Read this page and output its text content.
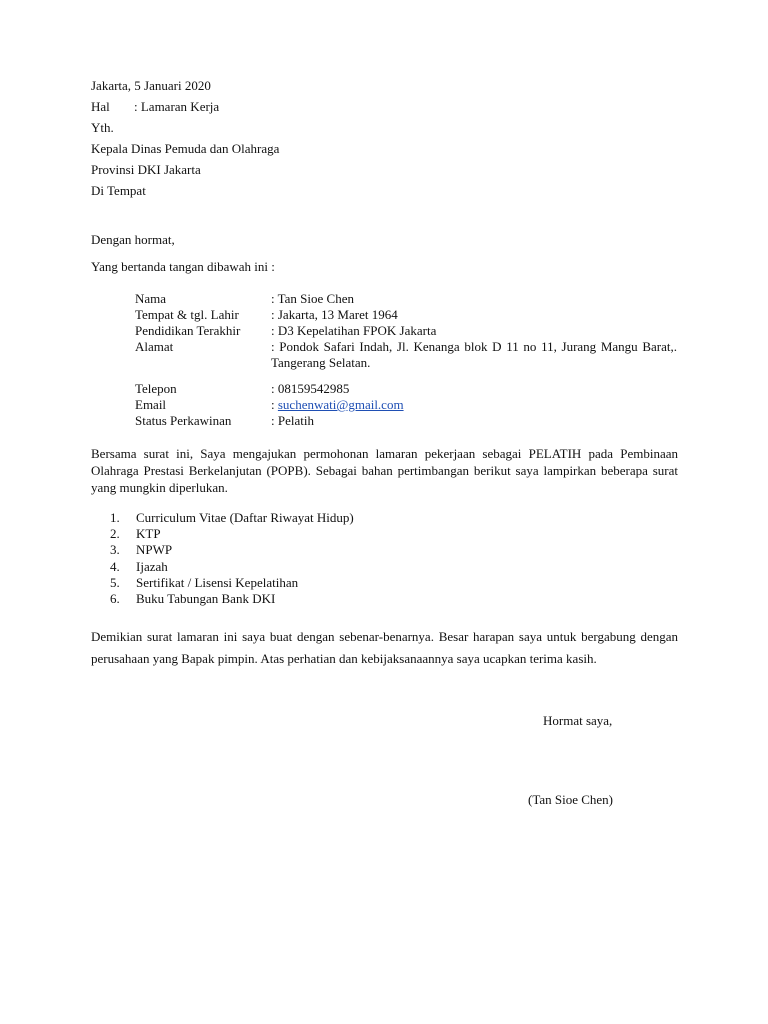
Jakarta, 5 Januari 2020
Hal : Lamaran Kerja
Yth.
Kepala Dinas Pemuda dan Olahraga
Provinsi DKI Jakarta
Di Tempat
Dengan hormat,
Yang bertanda tangan dibawah ini :
Nama	: Tan Sioe Chen
Tempat & tgl. Lahir : Jakarta, 13 Maret 1964
Pendidikan Terakhir : D3 Kepelatihan FPOK Jakarta
Alamat	: Pondok Safari Indah, Jl. Kenanga blok D 11 no 11, Jurang Mangu Barat,. Tangerang Selatan.
Telepon	: 08159542985
Email	: suchenwati@gmail.com
Status Perkawinan	: Pelatih
Bersama surat ini, Saya mengajukan permohonan lamaran pekerjaan sebagai PELATIH pada Pembinaan Olahraga Prestasi Berkelanjutan (POPB). Sebagai bahan pertimbangan berikut saya lampirkan beberapa surat yang mungkin diperlukan.
1.	Curriculum Vitae (Daftar Riwayat Hidup)
2.	KTP
3.	NPWP
4.	Ijazah
5.	Sertifikat / Lisensi Kepelatihan
6.	Buku Tabungan Bank DKI
Demikian surat lamaran ini saya buat dengan sebenar-benarnya. Besar harapan saya untuk bergabung dengan perusahaan yang Bapak pimpin. Atas perhatian dan kebijaksanaannya saya ucapkan terima kasih.
Hormat saya,
(Tan Sioe Chen)
